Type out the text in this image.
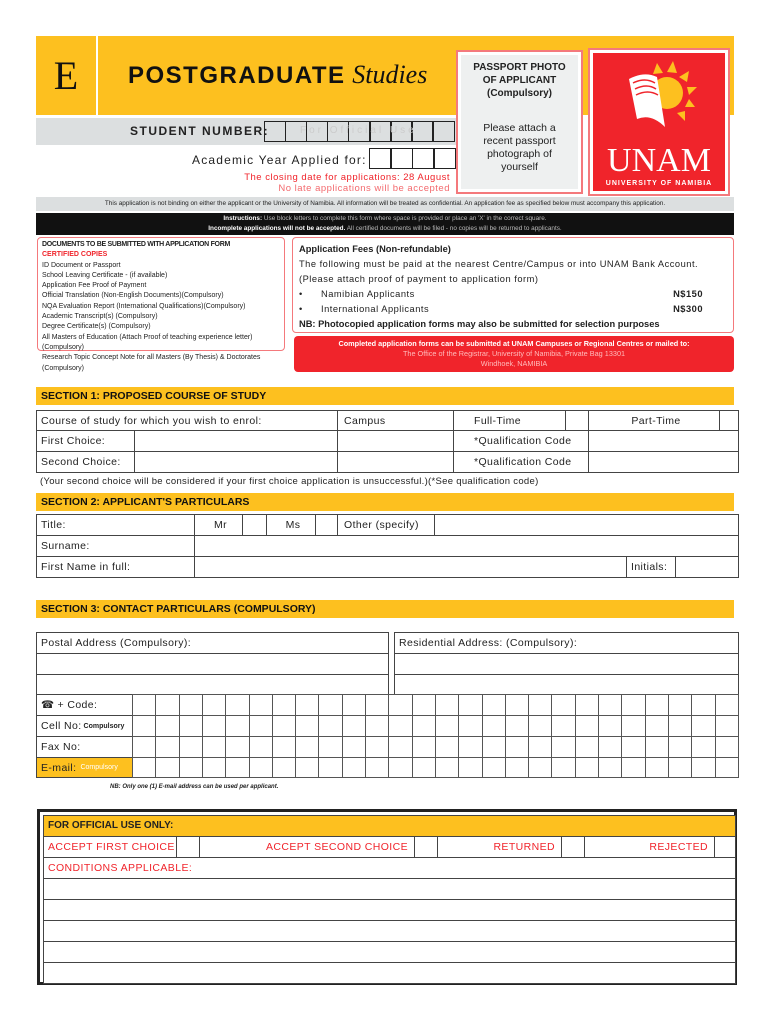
E POSTGRADUATE Studies
STUDENT NUMBER:	For Official Use
Academic Year Applied for:
The closing date for applications: 28 August
No late applications will be accepted
PASSPORT PHOTO OF APPLICANT
(Compulsory)
Please attach a recent passport photograph of yourself	UNAM
UNIVERSITY OF NAMIBIA
This application is not binding on either the applicant or the University of Namibia. All information will be treated as confidential. An application fee as specified below must accompany this application.
Instructions: Use block letters to complete this form where space is provided or place an 'X' in the correct square.
Incomplete applications will not be accepted. All certified documents will be filed - no copies will be returned to applicants.
DOCUMENTS TO BE SUBMITTED WITH APPLICATION FORM
CERTIFIED COPIES
ID Document or Passport
School Leaving Certificate - (if available)
Application Fee Proof of Payment
Official Translation (Non-English Documents)(Compulsory)
NQA Evaluation Report (International Qualifications)(Compulsory)
Academic Transcript(s) (Compulsory)
Degree Certificate(s) (Compulsory)
All Masters of Education (Attach Proof of teaching experience letter)(Compulsory)
Research Topic Concept Note for all Masters (By Thesis) & Doctorates (Compulsory)
Application Fees (Non-refundable)
The following must be paid at the nearest Centre/Campus or into UNAM Bank Account.
(Please attach proof of payment to application form)
•	Namibian Applicants	N$150
•	International Applicants	N$300
NB: Photocopied application forms may also be submitted for selection purposes
Completed application forms can be submitted at UNAM Campuses or Regional Centres or mailed to:
The Office of the Registrar, University of Namibia, Private Bag 13301
Windhoek, NAMIBIA
SECTION 1: PROPOSED COURSE OF STUDY
Course of study for which you wish to enrol:	Campus	Full-Time	Part-Time
First Choice:	*Qualification Code
Second Choice:	*Qualification Code
(Your second choice will be considered if your first choice application is unsuccessful.)(*See qualification code)
SECTION 2: APPLICANT'S PARTICULARS
Title:	Mr	Ms	Other (specify)
Surname:
First Name in full:	Initials:
SECTION 3: CONTACT PARTICULARS (COMPULSORY)
Postal Address (Compulsory):	Residential Address: (Compulsory):
☎ + Code:
Cell No: Compulsory
Fax No:
E-mail: Compulsory
NB: Only one (1) E-mail address can be used per applicant.
FOR OFFICIAL USE ONLY:
ACCEPT FIRST CHOICE	ACCEPT SECOND CHOICE	RETURNED	REJECTED
CONDITIONS APPLICABLE:
